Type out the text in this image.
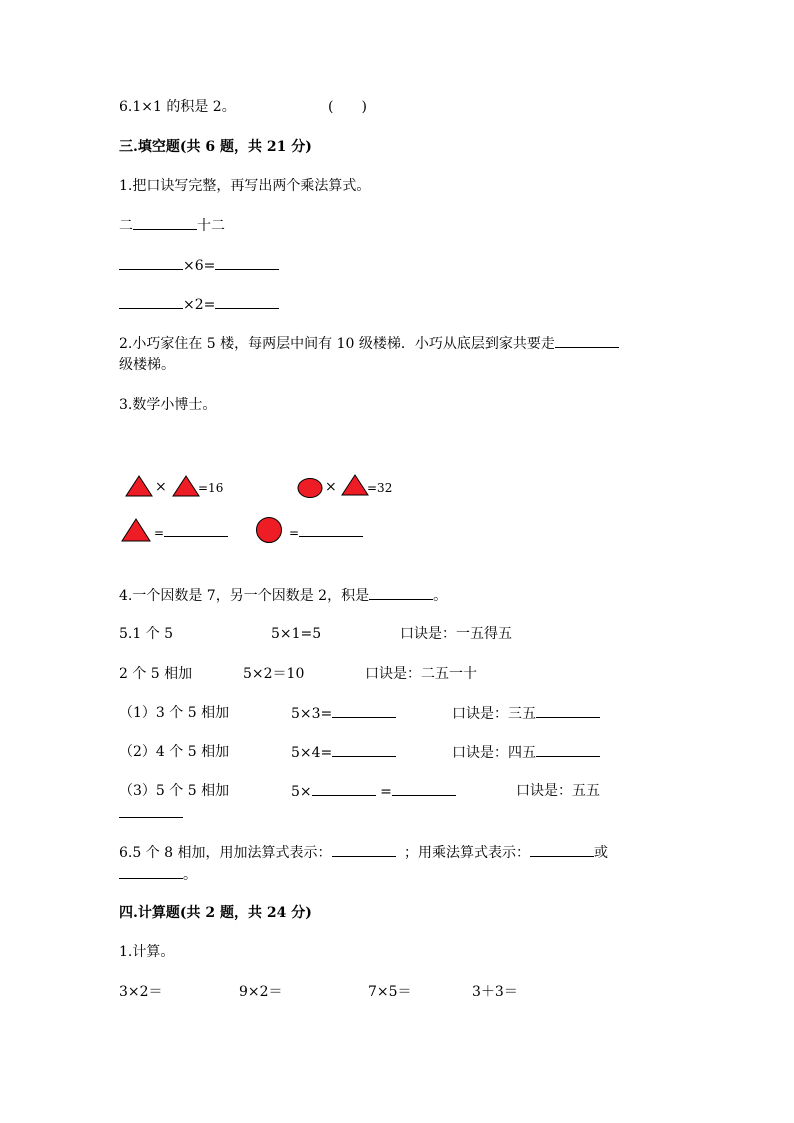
6.1×1 的积是 2。	(　　)
三.填空题(共 6 题，共 21 分)
1.把口诀写完整，再写出两个乘法算式。
二	十二
×6=
×2=
2.小巧家住在 5 楼，每两层中间有 10 级楼梯．小巧从底层到家共要走
级楼梯。
3.数学小博士。
×	=16	×	=32
=	=
4.一个因数是 7，另一个因数是 2，积是	。
5.1 个 5	5×1=5	口诀是：一五得五
2 个 5 相加	5×2＝10	口诀是：二五一十
（1）3 个 5 相加	5×3=	口诀是：三五
（2）4 个 5 相加	5×4=	口诀是：四五
（3）5 个 5 相加	5×	=	口诀是：五五
6.5 个 8 相加，用加法算式表示：	；用乘法算式表示：	或
。
四.计算题(共 2 题，共 24 分)
1.计算。
3×2＝	9×2＝	7×5＝	3＋3＝
